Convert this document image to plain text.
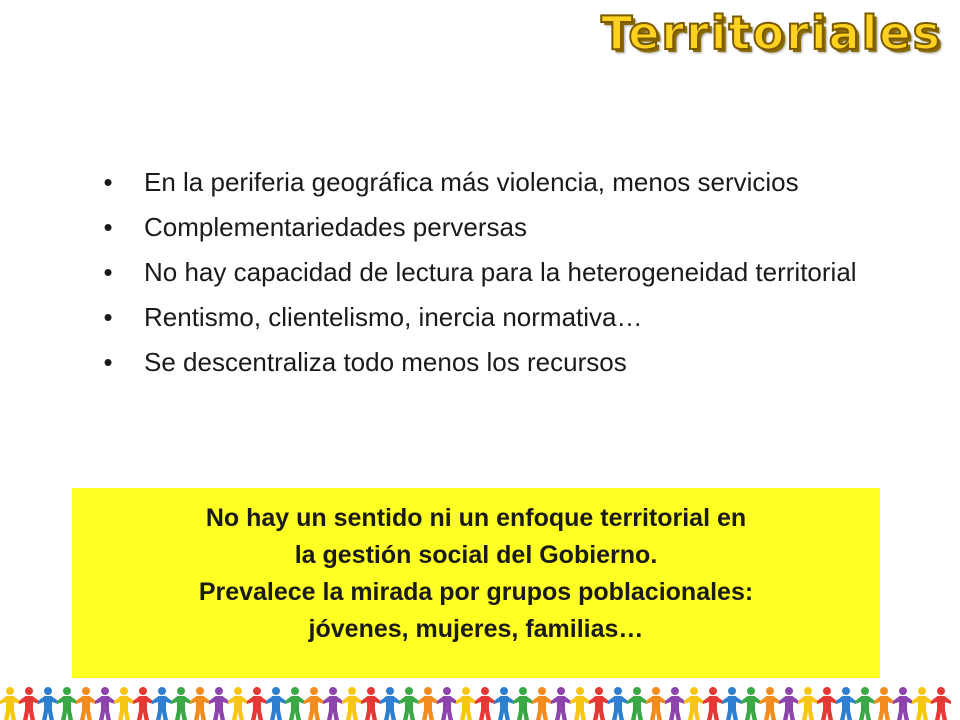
Territoriales
• En la periferia geográfica más violencia, menos servicios
• Complementariedades perversas
• No hay capacidad de lectura para la heterogeneidad territorial
• Rentismo, clientelismo, inercia normativa…
• Se descentraliza todo menos los recursos
No hay un sentido ni un enfoque territorial en
la gestión social del Gobierno.
Prevalece la mirada por grupos poblacionales:
jóvenes, mujeres, familias…
